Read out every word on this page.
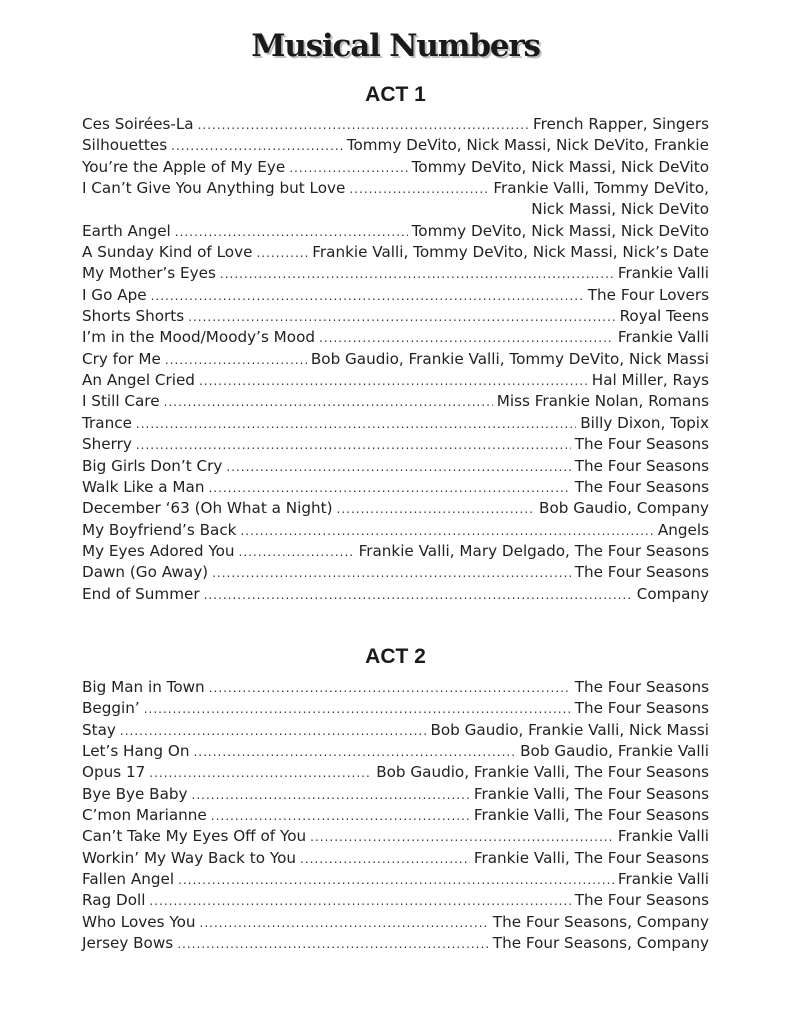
Musical Numbers
ACT 1
Ces Soirées-La .....	French Rapper, Singers
Silhouettes .....	Tommy DeVito, Nick Massi, Nick DeVito, Frankie
You’re the Apple of My Eye .....	Tommy DeVito, Nick Massi, Nick DeVito
I Can’t Give You Anything but Love .....	Frankie Valli, Tommy DeVito,
Nick Massi, Nick DeVito
Earth Angel .....	Tommy DeVito, Nick Massi, Nick DeVito
A Sunday Kind of Love .....	Frankie Valli, Tommy DeVito, Nick Massi, Nick’s Date
My Mother’s Eyes .....	Frankie Valli
I Go Ape .....	The Four Lovers
Shorts Shorts .....	Royal Teens
I’m in the Mood/Moody’s Mood .....	Frankie Valli
Cry for Me .....	Bob Gaudio, Frankie Valli, Tommy DeVito, Nick Massi
An Angel Cried .....	Hal Miller, Rays
I Still Care .....	Miss Frankie Nolan, Romans
Trance .....	Billy Dixon, Topix
Sherry .....	The Four Seasons
Big Girls Don’t Cry .....	The Four Seasons
Walk Like a Man .....	The Four Seasons
December ‘63 (Oh What a Night) .....	Bob Gaudio, Company
My Boyfriend’s Back .....	Angels
My Eyes Adored You .....	Frankie Valli, Mary Delgado, The Four Seasons
Dawn (Go Away) .....	The Four Seasons
End of Summer .....	Company
ACT 2
Big Man in Town .....	The Four Seasons
Beggin’ .....	The Four Seasons
Stay .....	Bob Gaudio, Frankie Valli, Nick Massi
Let’s Hang On .....	Bob Gaudio, Frankie Valli
Opus 17 .....	Bob Gaudio, Frankie Valli, The Four Seasons
Bye Bye Baby .....	Frankie Valli, The Four Seasons
C’mon Marianne .....	Frankie Valli, The Four Seasons
Can’t Take My Eyes Off of You .....	Frankie Valli
Workin’ My Way Back to You .....	Frankie Valli, The Four Seasons
Fallen Angel .....	Frankie Valli
Rag Doll .....	The Four Seasons
Who Loves You .....	The Four Seasons, Company
Jersey Bows .....	The Four Seasons, Company
